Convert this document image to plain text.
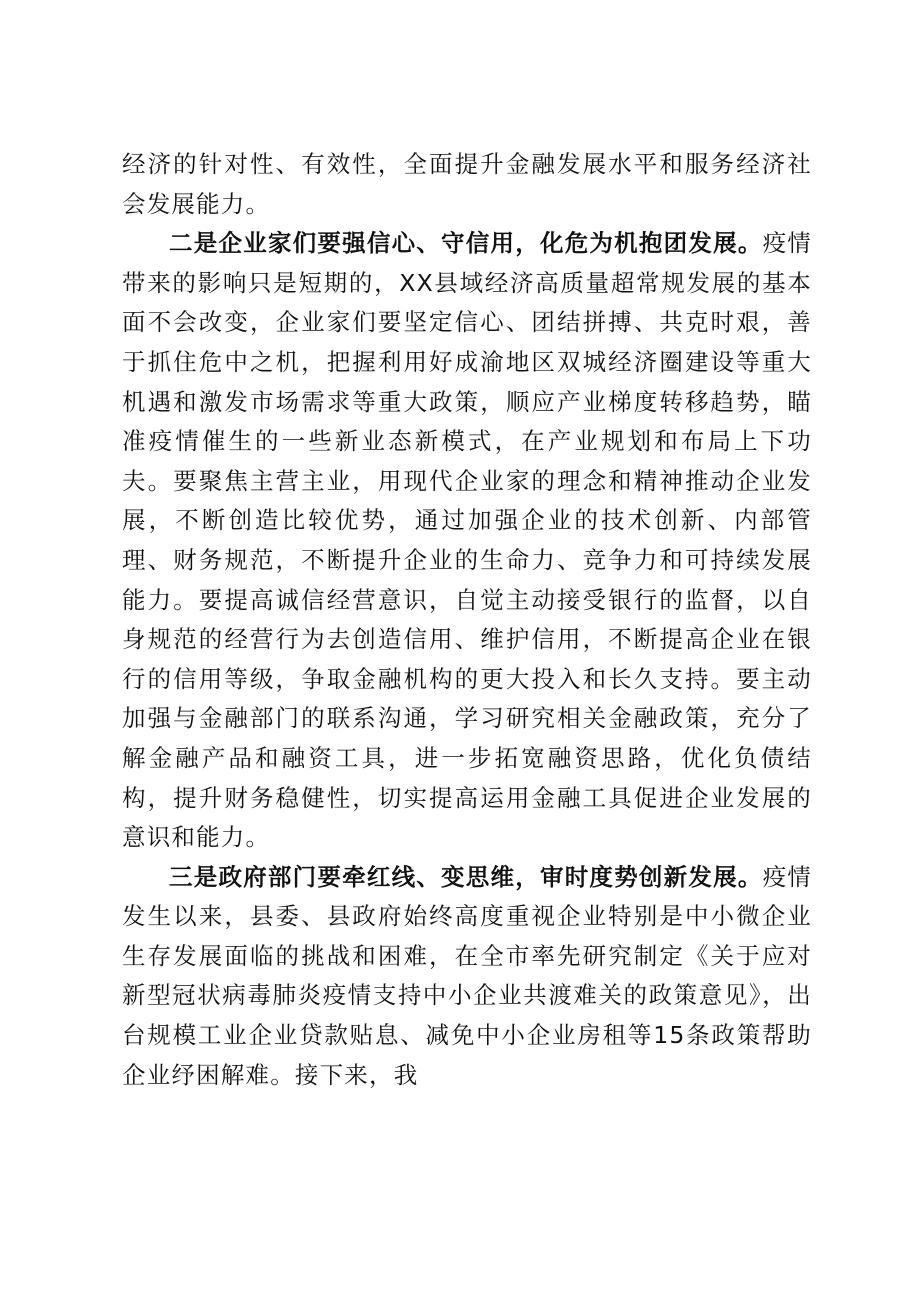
经济的针对性、有效性，全面提升金融发展水平和服务经济社会发展能力。

二是企业家们要强信心、守信用，化危为机抱团发展。疫情带来的影响只是短期的，XX县域经济高质量超常规发展的基本面不会改变，企业家们要坚定信心、团结拼搏、共克时艰，善于抓住危中之机，把握利用好成渝地区双城经济圈建设等重大机遇和激发市场需求等重大政策，顺应产业梯度转移趋势，瞄准疫情催生的一些新业态新模式，在产业规划和布局上下功夫。要聚焦主营主业，用现代企业家的理念和精神推动企业发展，不断创造比较优势，通过加强企业的技术创新、内部管理、财务规范，不断提升企业的生命力、竞争力和可持续发展能力。要提高诚信经营意识，自觉主动接受银行的监督，以自身规范的经营行为去创造信用、维护信用，不断提高企业在银行的信用等级，争取金融机构的更大投入和长久支持。要主动加强与金融部门的联系沟通，学习研究相关金融政策，充分了解金融产品和融资工具，进一步拓宽融资思路，优化负债结构，提升财务稳健性，切实提高运用金融工具促进企业发展的意识和能力。

三是政府部门要牵红线、变思维，审时度势创新发展。疫情发生以来，县委、县政府始终高度重视企业特别是中小微企业生存发展面临的挑战和困难，在全市率先研究制定《关于应对新型冠状病毒肺炎疫情支持中小企业共渡难关的政策意见》，出台规模工业企业贷款贴息、减免中小企业房租等15条政策帮助企业纾困解难。接下来，我
